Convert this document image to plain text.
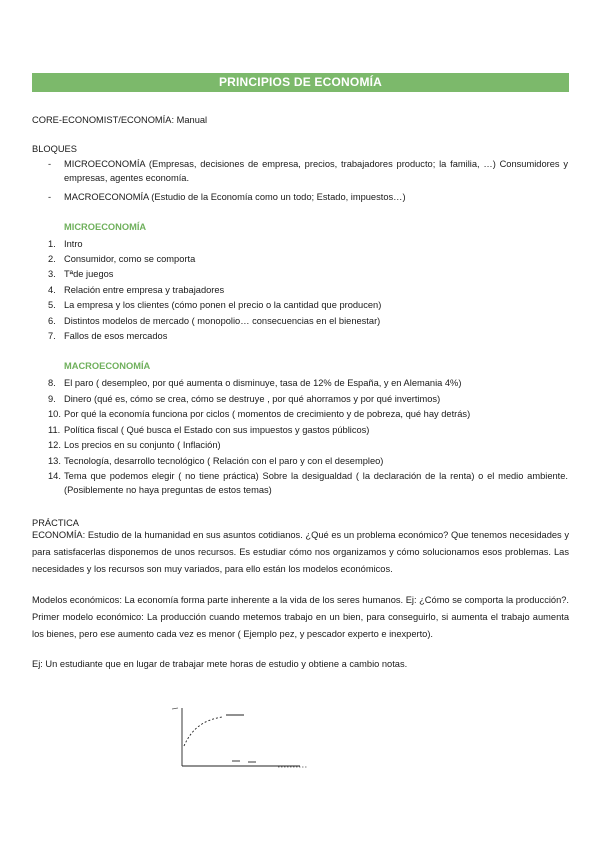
PRINCIPIOS DE ECONOMÍA
CORE-ECONOMIST/ECONOMÍA: Manual
BLOQUES
- MICROECONOMÍA (Empresas, decisiones de empresa, precios, trabajadores producto; la familia, …) Consumidores y empresas, agentes economía.
- MACROECONOMÍA (Estudio de la Economía como un todo; Estado, impuestos…)
MICROECONOMÍA
1. Intro
2. Consumidor, como se comporta
3. Tªde juegos
4. Relación entre empresa y trabajadores
5. La empresa y los clientes (cómo ponen el precio o la cantidad que producen)
6. Distintos modelos de mercado ( monopolio… consecuencias en el bienestar)
7. Fallos de esos mercados
MACROECONOMÍA
8. El paro ( desempleo, por qué aumenta o disminuye, tasa de 12% de España, y en Alemania 4%)
9. Dinero (qué es, cómo se crea, cómo se destruye , por qué ahorramos y por qué invertimos)
10. Por qué la economía funciona por ciclos ( momentos de crecimiento y de pobreza, qué hay detrás)
11. Política fiscal ( Qué busca el Estado con sus impuestos y gastos públicos)
12. Los precios en su conjunto ( Inflación)
13. Tecnología, desarrollo tecnológico ( Relación con el paro y con el desempleo)
14. Tema que podemos elegir ( no tiene práctica) Sobre la desigualdad ( la declaración de la renta) o el medio ambiente. (Posiblemente no haya preguntas de estos temas)
PRÁCTICA
ECONOMÍA: Estudio de la humanidad en sus asuntos cotidianos. ¿Qué es un problema económico? Que tenemos necesidades y para satisfacerlas disponemos de unos recursos. Es estudiar cómo nos organizamos y cómo solucionamos esos problemas. Las necesidades y los recursos son muy variados, para ello están los modelos económicos.
Modelos económicos: La economía forma parte inherente a la vida de los seres humanos. Ej: ¿Cómo se comporta la producción?. Primer modelo económico: La producción cuando metemos trabajo en un bien, para conseguirlo, si aumenta el trabajo aumenta los bienes, pero ese aumento cada vez es menor ( Ejemplo pez, y pescador experto e inexperto).
Ej: Un estudiante que en lugar de trabajar mete horas de estudio y obtiene a cambio notas.
